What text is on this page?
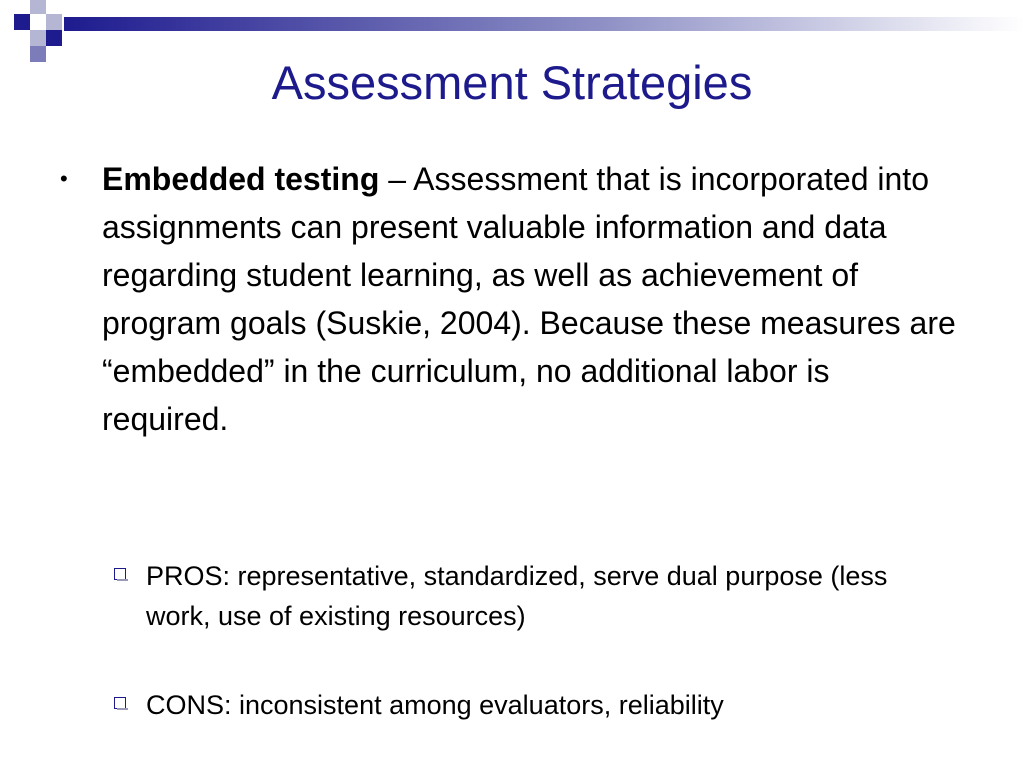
Assessment Strategies
• Embedded testing – Assessment that is incorporated into assignments can present valuable information and data regarding student learning, as well as achievement of program goals (Suskie, 2004). Because these measures are “embedded” in the curriculum, no additional labor is required.
PROS: representative, standardized, serve dual purpose (less work, use of existing resources)
CONS: inconsistent among evaluators, reliability
